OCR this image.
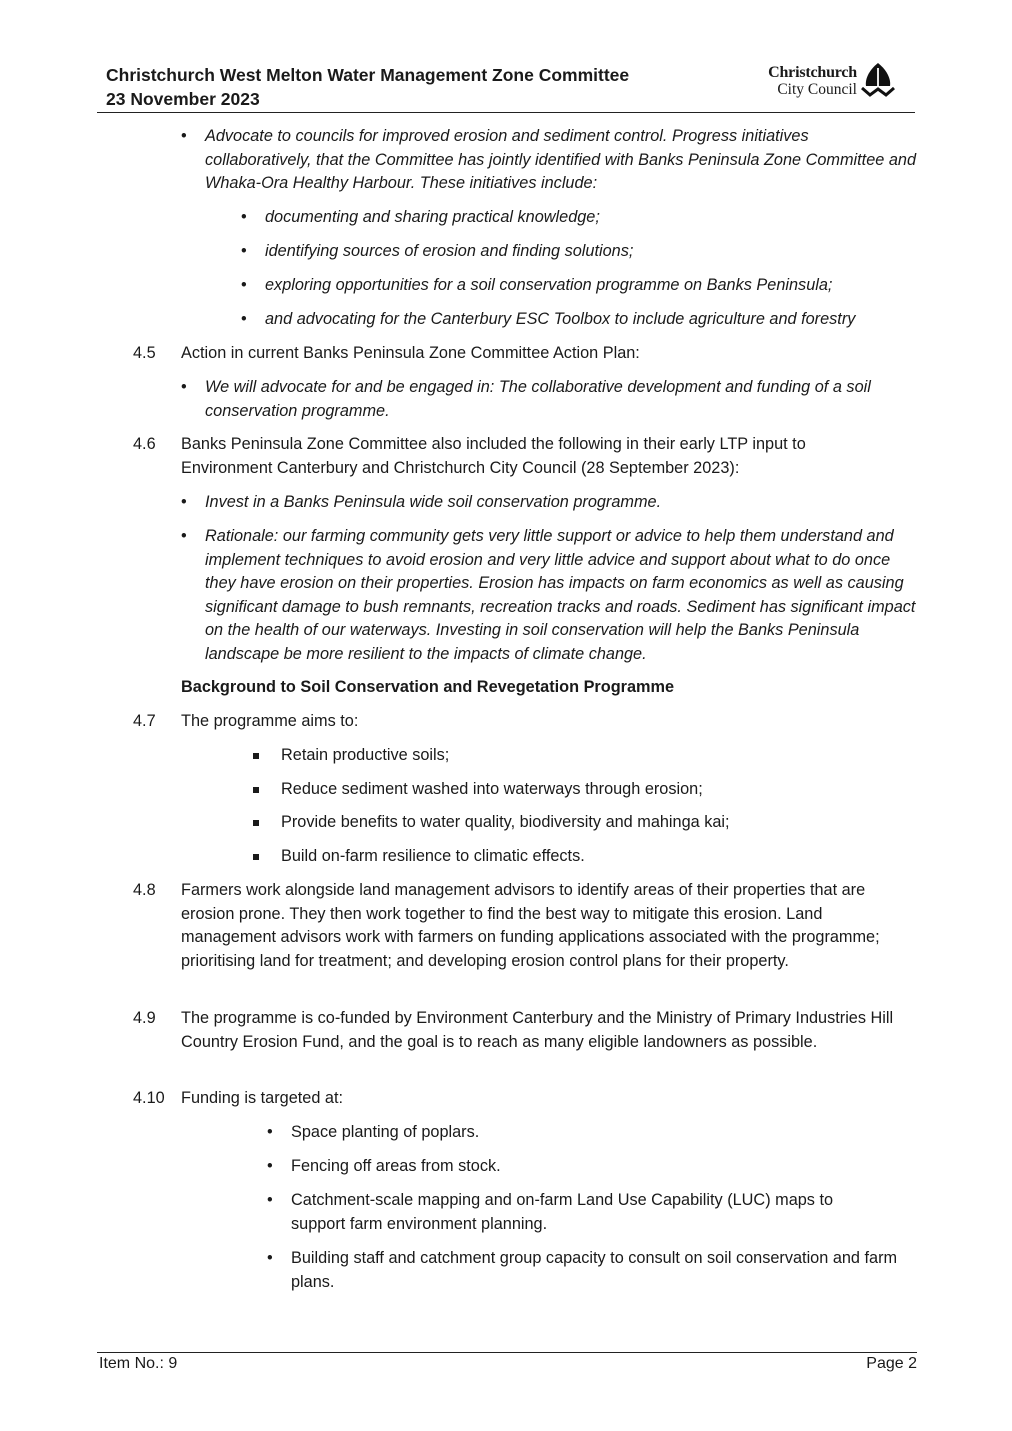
Christchurch West Melton Water Management Zone Committee
23 November 2023
Christchurch
City Council
• Advocate to councils for improved erosion and sediment control. Progress initiatives collaboratively, that the Committee has jointly identified with Banks Peninsula Zone Committee and Whaka-Ora Healthy Harbour. These initiatives include:
• documenting and sharing practical knowledge;
• identifying sources of erosion and finding solutions;
• exploring opportunities for a soil conservation programme on Banks Peninsula;
• and advocating for the Canterbury ESC Toolbox to include agriculture and forestry
4.5 Action in current Banks Peninsula Zone Committee Action Plan:
• We will advocate for and be engaged in: The collaborative development and funding of a soil conservation programme.
4.6 Banks Peninsula Zone Committee also included the following in their early LTP input to Environment Canterbury and Christchurch City Council (28 September 2023):
• Invest in a Banks Peninsula wide soil conservation programme.
• Rationale: our farming community gets very little support or advice to help them understand and implement techniques to avoid erosion and very little advice and support about what to do once they have erosion on their properties. Erosion has impacts on farm economics as well as causing significant damage to bush remnants, recreation tracks and roads. Sediment has significant impact on the health of our waterways. Investing in soil conservation will help the Banks Peninsula landscape be more resilient to the impacts of climate change.
Background to Soil Conservation and Revegetation Programme
4.7 The programme aims to:
Retain productive soils;
Reduce sediment washed into waterways through erosion;
Provide benefits to water quality, biodiversity and mahinga kai;
Build on-farm resilience to climatic effects.
4.8 Farmers work alongside land management advisors to identify areas of their properties that are erosion prone. They then work together to find the best way to mitigate this erosion. Land management advisors work with farmers on funding applications associated with the programme; prioritising land for treatment; and developing erosion control plans for their property.
4.9 The programme is co-funded by Environment Canterbury and the Ministry of Primary Industries Hill Country Erosion Fund, and the goal is to reach as many eligible landowners as possible.
4.10 Funding is targeted at:
• Space planting of poplars.
• Fencing off areas from stock.
• Catchment-scale mapping and on-farm Land Use Capability (LUC) maps to support farm environment planning.
• Building staff and catchment group capacity to consult on soil conservation and farm plans.
Item No.: 9	Page 2
